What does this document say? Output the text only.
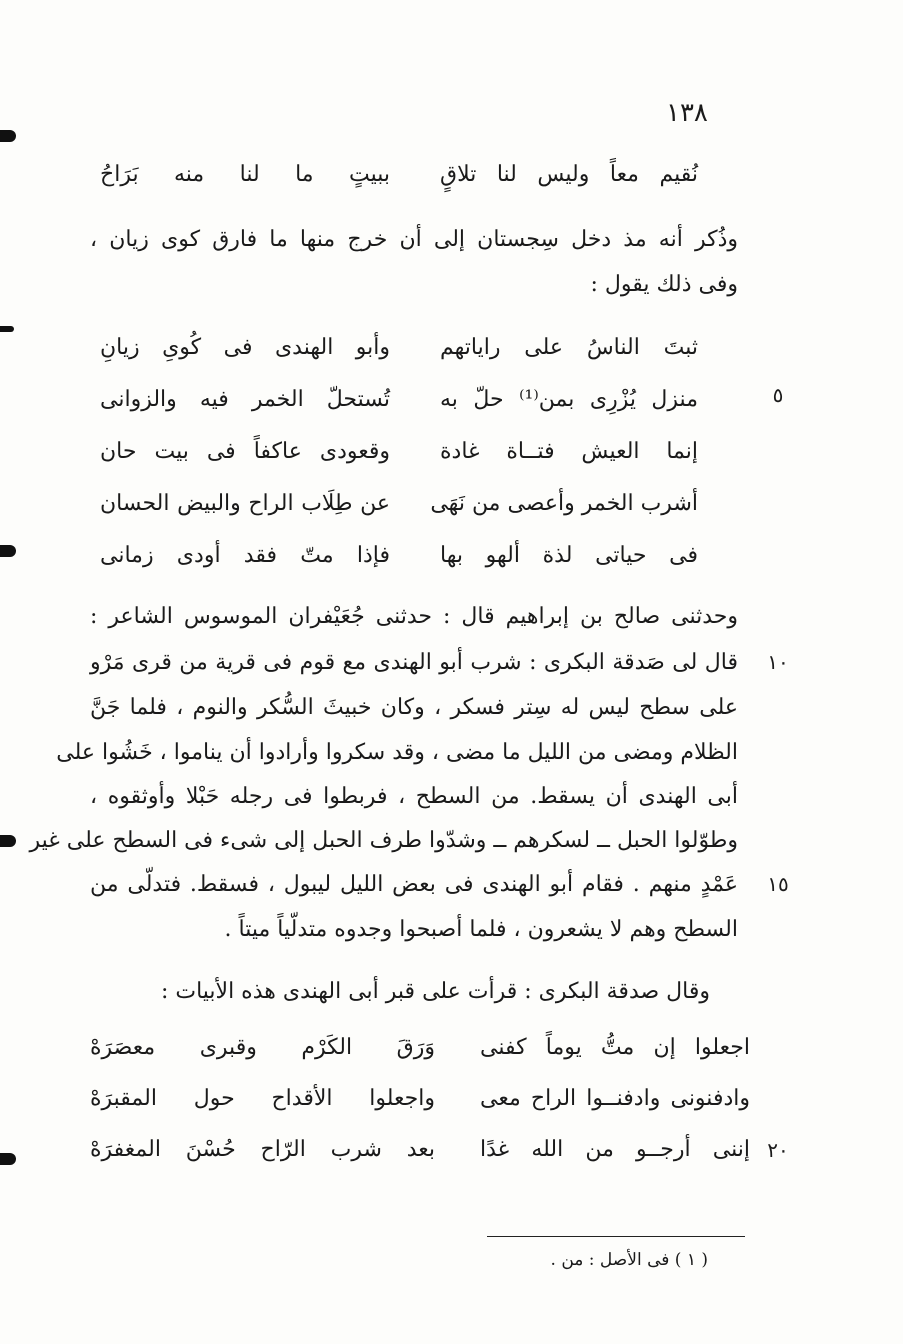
١٣٨
نُقيم معاً وليس لنا تلاقٍ
ببيتٍ ما لنا منه بَرَاحُ
وذُكر أنه مذ دخل سِجستان إلى أن خرج منها ما فارق كوى زيان ،
وفى ذلك يقول :
ثبتَ الناسُ على راياتهم
وأبو الهندى فى كُوىِ زيانِ
منزل يُزْرِى بمن⁽¹⁾ حلّ به
تُستحلّ الخمر فيه والزوانى	٥
إنما العيش فتــاة غادة
وقعودى عاكفاً فى بيت حان
أشرب الخمر وأعصى من نَهَى
عن طِلَاب الراح والبيض الحسان
فى حياتى لذة ألهو بها
فإذا متّ فقد أودى زمانى
وحدثنى صالح بن إبراهيم قال : حدثنى جُعَيْفران الموسوس الشاعر :
قال لى صَدقة البكرى : شرب أبو الهندى مع قوم فى قرية من قرى مَرْو	١٠
على سطح ليس له سِتر فسكر ، وكان خبيثَ السُّكر والنوم ، فلما جَنَّ
الظلام ومضى من الليل ما مضى ، وقد سكروا وأرادوا أن يناموا ، خَشُوا على
أبى الهندى أن يسقط. من السطح ، فربطوا فى رجله حَبْلا وأوثقوه ،
وطوّلوا الحبل ــ لسكرهم ــ وشدّوا طرف الحبل إلى شىء فى السطح على غير
عَمْدٍ منهم . فقام أبو الهندى فى بعض الليل ليبول ، فسقط. فتدلّى من	١٥
السطح وهم لا يشعرون ، فلما أصبحوا وجدوه متدلّياً ميتاً .
وقال صدقة البكرى : قرأت على قبر أبى الهندى هذه الأبيات :
اجعلوا إن متُّ يوماً كفنى
وَرَقَ الكَرْم وقبرى معصَرَهْ
وادفنونى وادفنــوا الراح معى
واجعلوا الأقداح حول المقبرَهْ
إننى أرجــو من الله غدًا
بعد شرب الرّاح حُسْنَ المغفرَهْ	٢٠
( ١ ) فى الأصل : من .
